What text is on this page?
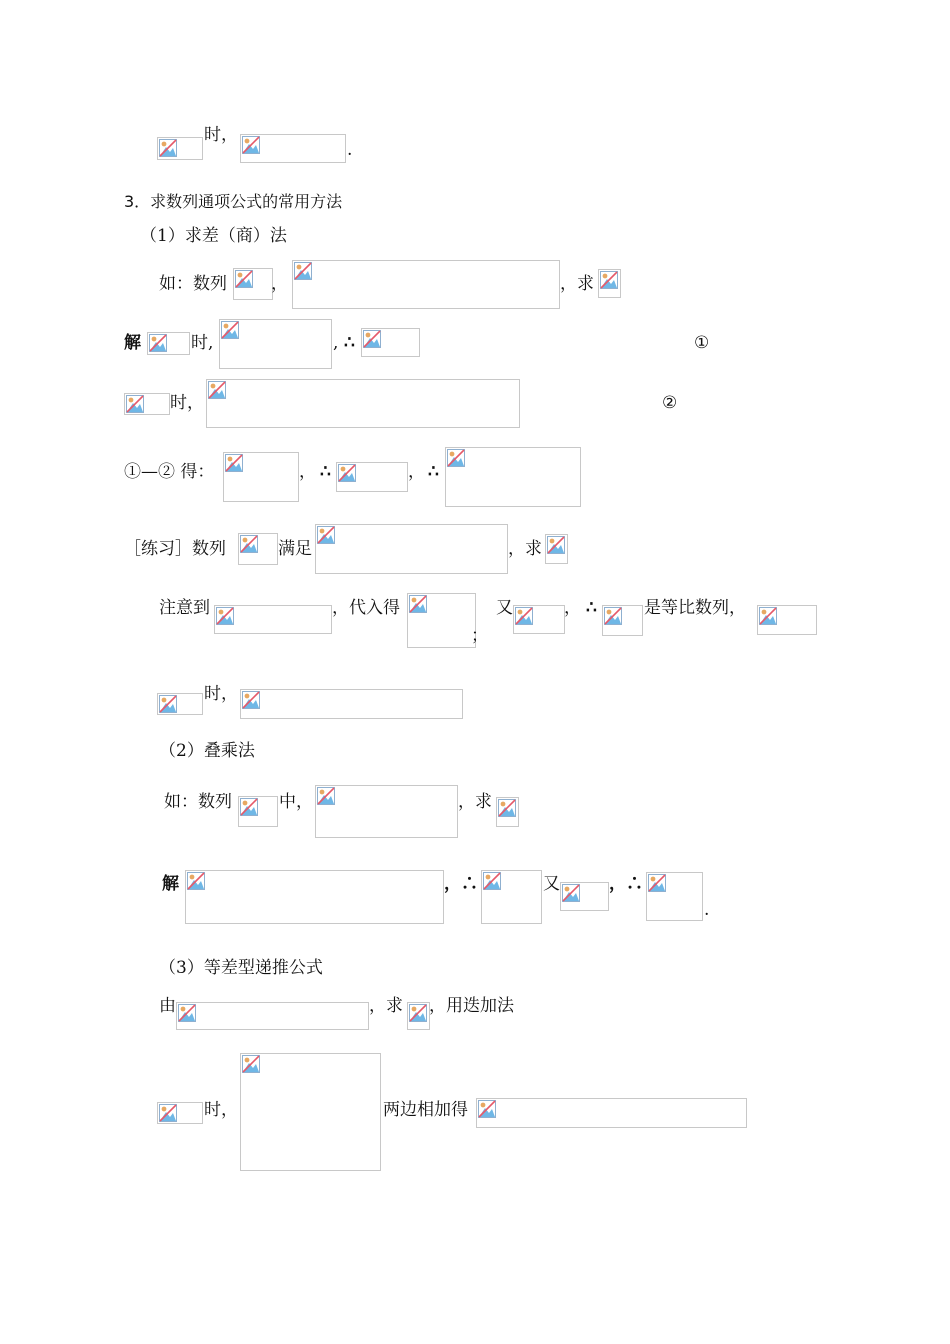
时，
.
3．求数列通项公式的常用方法
（1）求差（商）法
如：数列	，	，求
解	时,	, ∴	①
时，	②
①—② 得：	， ∴	， ∴
［练习］数列	满足	，求
注意到	，代入得
；
又	， ∴	是等比数列，
时，
（2）叠乘法
如：数列	中，	，求
解	，∴	又	，∴
.
（3）等差型递推公式
由	，求 ，用迭加法
时，	两边相加得
